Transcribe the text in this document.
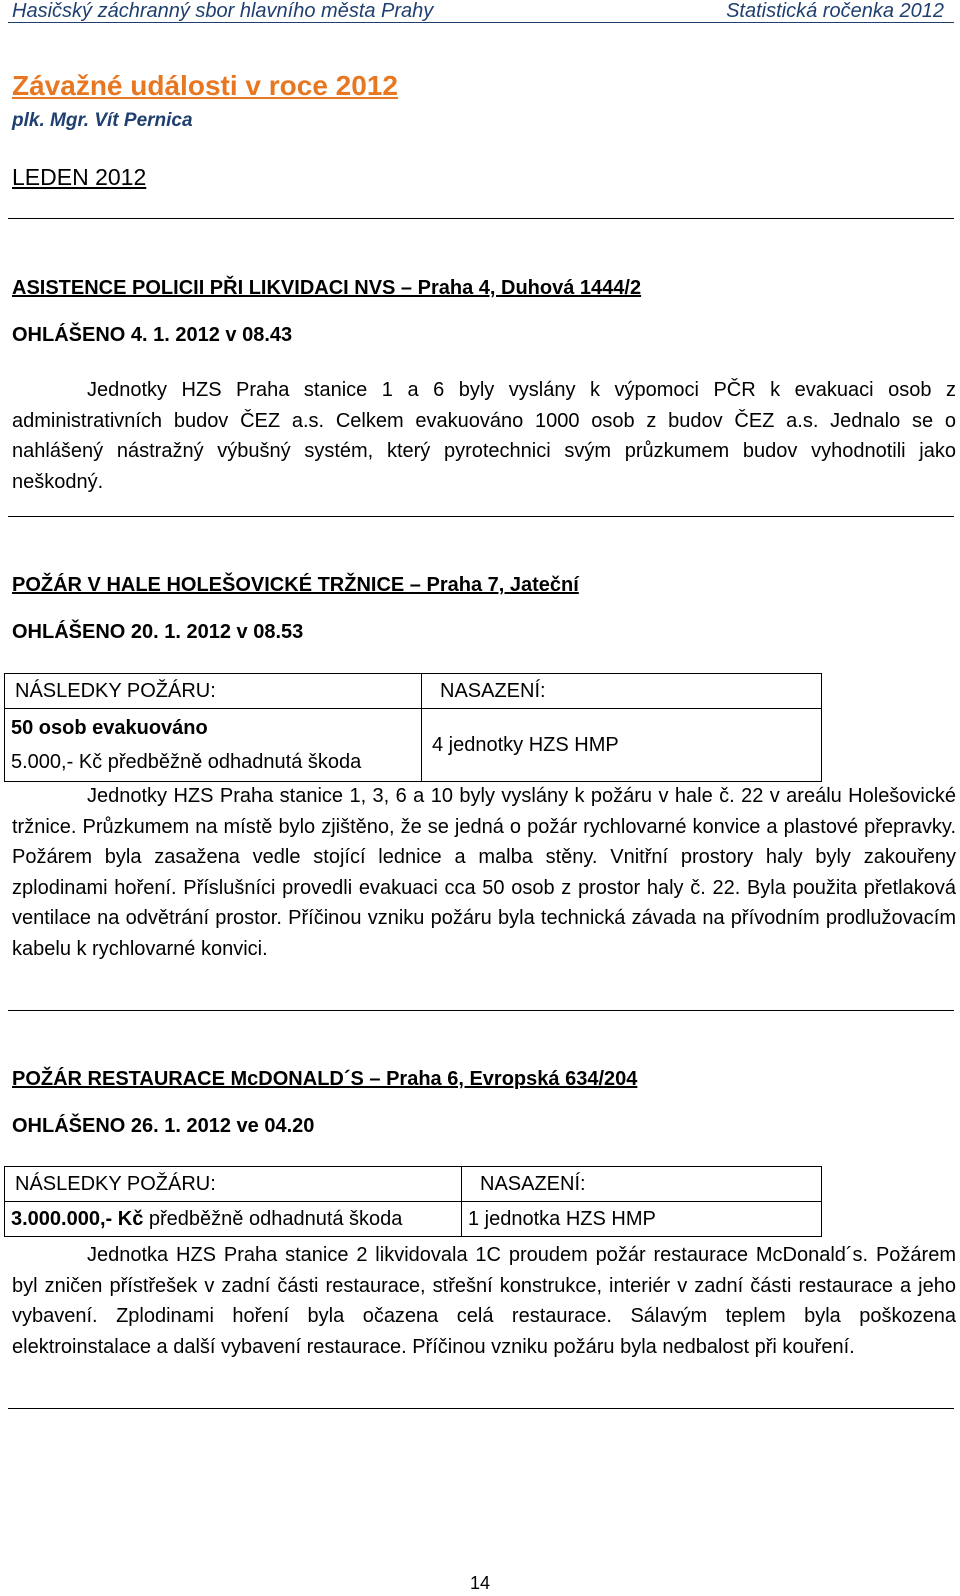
Hasičský záchranný sbor hlavního města Prahy	Statistická ročenka 2012
Závažné události v roce 2012
plk. Mgr. Vít Pernica
LEDEN 2012
ASISTENCE POLICII PŘI LIKVIDACI NVS – Praha 4, Duhová 1444/2
OHLÁŠENO 4. 1. 2012 v 08.43

Jednotky HZS Praha stanice 1 a 6 byly vyslány k výpomoci PČR k evakuaci osob z administrativních budov ČEZ a.s. Celkem evakuováno 1000 osob z budov ČEZ a.s. Jednalo se o nahlášený nástražný výbušný systém, který pyrotechnici svým průzkumem budov vyhodnotili jako neškodný.

POŽÁR V HALE HOLEŠOVICKÉ TRŽNICE – Praha 7, Jateční
OHLÁŠENO 20. 1. 2012 v 08.53
NÁSLEDKY POŽÁRU:	NASAZENÍ:

50 osob evakuováno
5.000,- Kč předběžně odhadnutá škoda	4 jednotky HZS HMP

Jednotky HZS Praha stanice 1, 3, 6 a 10 byly vyslány k požáru v hale č. 22 v areálu Holešovické tržnice. Průzkumem na místě bylo zjištěno, že se jedná o požár rychlovarné konvice a plastové přepravky. Požárem byla zasažena vedle stojící lednice a malba stěny. Vnitřní prostory haly byly zakouřeny zplodinami hoření. Příslušníci provedli evakuaci cca 50 osob z prostor haly č. 22. Byla použita přetlaková ventilace na odvětrání prostor. Příčinou vzniku požáru byla technická závada na přívodním prodlužovacím kabelu k rychlovarné konvici.

POŽÁR RESTAURACE McDONALD´S – Praha 6, Evropská 634/204
OHLÁŠENO 26. 1. 2012 ve 04.20
NÁSLEDKY POŽÁRU:	NASAZENÍ:
3.000.000,- Kč předběžně odhadnutá škoda	1 jednotka HZS HMP

Jednotka HZS Praha stanice 2 likvidovala 1C proudem požár restaurace McDonald´s. Požárem byl zničen přístřešek v zadní části restaurace, střešní konstrukce, interiér v zadní části restaurace a jeho vybavení. Zplodinami hoření byla očazena celá restaurace. Sálavým teplem byla poškozena elektroinstalace a další vybavení restaurace. Příčinou vzniku požáru byla nedbalost při kouření.

14
